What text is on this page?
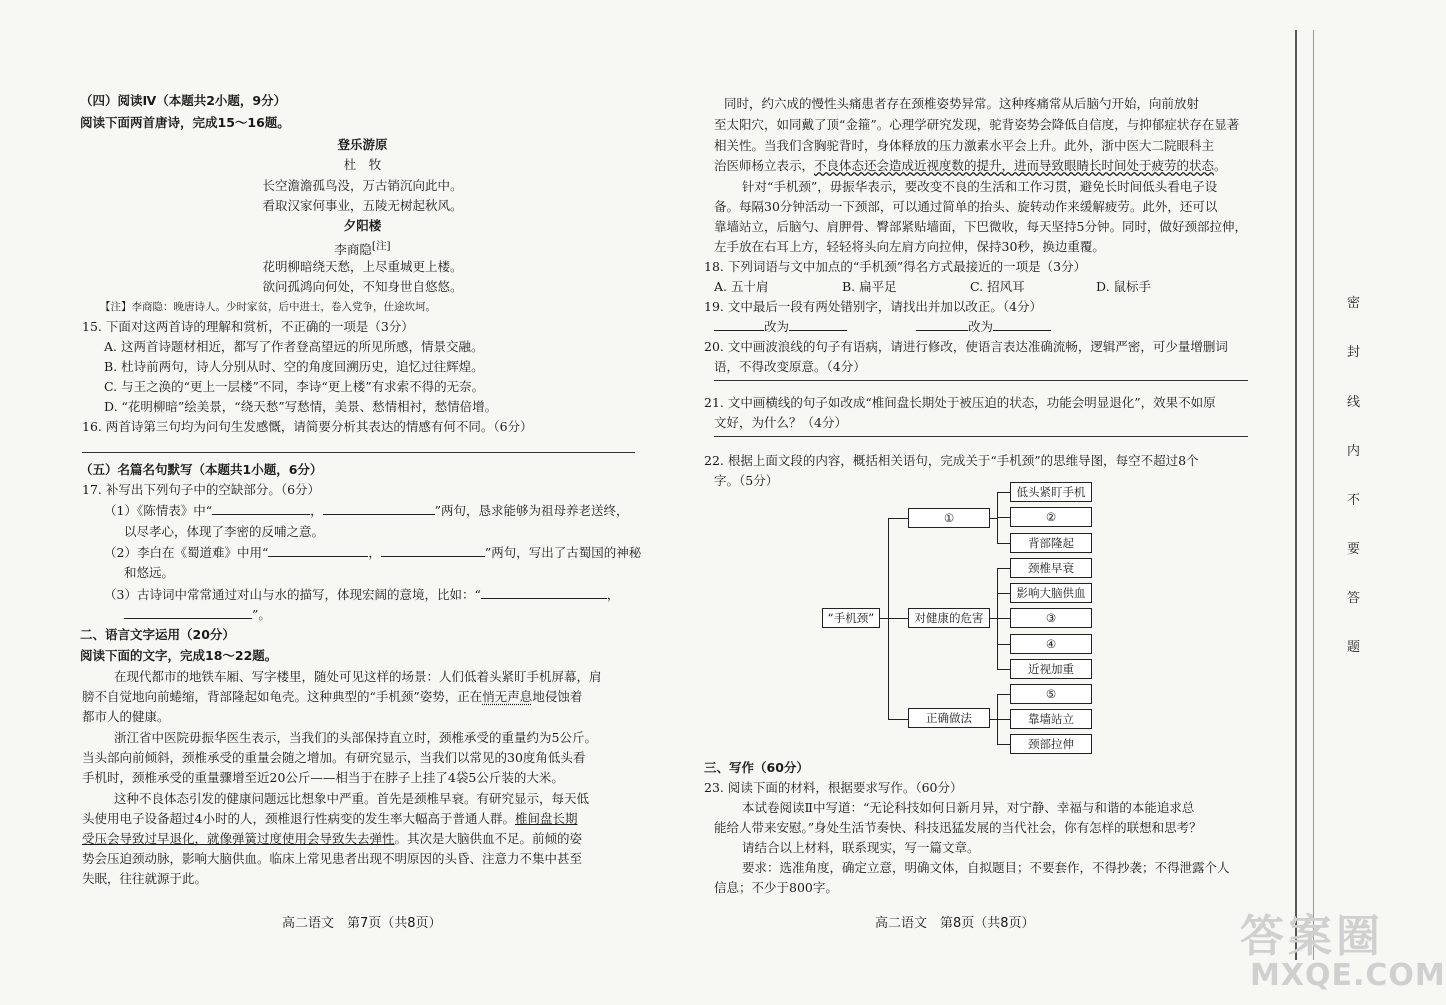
（四）阅读Ⅳ（本题共2小题，9分）
阅读下面两首唐诗，完成15～16题。
登乐游原
杜　牧
长空澹澹孤鸟没，万古销沉向此中。
看取汉家何事业，五陵无树起秋风。
夕阳楼
李商隐[注]
花明柳暗绕天愁，上尽重城更上楼。
欲问孤鸿向何处，不知身世自悠悠。
【注】李商隐：晚唐诗人。少时家贫，后中进士，卷入党争，仕途坎坷。
15. 下面对这两首诗的理解和赏析，不正确的一项是（3分）
A. 这两首诗题材相近，都写了作者登高望远的所见所感，情景交融。
B. 杜诗前两句，诗人分别从时、空的角度回溯历史，追忆过往辉煌。
C. 与王之涣的“更上一层楼”不同，李诗“更上楼”有求索不得的无奈。
D. “花明柳暗”绘美景，“绕天愁”写愁情，美景、愁情相衬，愁情倍增。
16. 两首诗第三句均为问句生发感慨，请简要分析其表达的情感有何不同。（6分）
（五）名篇名句默写（本题共1小题，6分）
17. 补写出下列句子中的空缺部分。（6分）
（1）《陈情表》中“	，	”两句，恳求能够为祖母养老送终，
以尽孝心，体现了李密的反哺之意。
（2）李白在《蜀道难》中用“	，	”两句，写出了古蜀国的神秘
和悠远。
（3）古诗词中常常通过对山与水的描写，体现宏阔的意境，比如：“	，
”。
二、语言文字运用（20分）
阅读下面的文字，完成18～22题。
在现代都市的地铁车厢、写字楼里，随处可见这样的场景：人们低着头紧盯手机屏幕，肩
膀不自觉地向前蜷缩，背部隆起如龟壳。这种典型的“手机颈”姿势，正在悄无声息地侵蚀着
都市人的健康。
浙江省中医院毋振华医生表示，当我们的头部保持直立时，颈椎承受的重量约为5公斤。
当头部向前倾斜，颈椎承受的重量会随之增加。有研究显示，当我们以常见的30度角低头看
手机时，颈椎承受的重量骤增至近20公斤——相当于在脖子上挂了4袋5公斤装的大米。
这种不良体态引发的健康问题远比想象中严重。首先是颈椎早衰。有研究显示，每天低
头使用电子设备超过4小时的人，颈椎退行性病变的发生率大幅高于普通人群。椎间盘长期
受压会导致过早退化，就像弹簧过度使用会导致失去弹性。其次是大脑供血不足。前倾的姿
势会压迫颈动脉，影响大脑供血。临床上常见患者出现不明原因的头昏、注意力不集中甚至
失眠，往往就源于此。
高二语文　第7页（共8页）
同时，约六成的慢性头痛患者存在颈椎姿势异常。这种疼痛常从后脑勺开始，向前放射
至太阳穴，如同戴了顶“金箍”。心理学研究发现，驼背姿势会降低自信度，与抑郁症状存在显著
相关性。当我们含胸驼背时，身体释放的压力激素水平会上升。此外，浙中医大二院眼科主
治医师杨立表示，不良体态还会造成近视度数的提升，进而导致眼睛长时间处于疲劳的状态。
针对“手机颈”，毋振华表示，要改变不良的生活和工作习贯，避免长时间低头看电子设
备。每隔30分钟活动一下颈部，可以通过简单的抬头、旋转动作来缓解疲劳。此外，还可以
靠墙站立，后脑勺、肩胛骨、臀部紧贴墙面，下巴微收，每天坚持5分钟。同时，做好颈部拉伸，
左手放在右耳上方，轻轻将头向左肩方向拉伸，保持30秒，换边重覆。
18. 下列词语与文中加点的“手机颈”得名方式最接近的一项是（3分）
A. 五十肩	B. 扁平足	C. 招风耳	D. 鼠标手
19. 文中最后一段有两处错别字，请找出并加以改正。（4分）
改为	改为
20. 文中画波浪线的句子有语病，请进行修改，使语言表达准确流畅，逻辑严密，可少量增删词
语，不得改变原意。（4分）
21. 文中画横线的句子如改成“椎间盘长期处于被压迫的状态，功能会明显退化”，效果不如原
文好，为什么？（4分）
22. 根据上面文段的内容，概括相关语句，完成关于“手机颈”的思维导图，每空不超过8个
字。（5分）
“手机颈”
①
对健康的危害
正确做法
低头紧盯手机
②
背部隆起
颈椎早衰
影响大脑供血
③
④
近视加重
⑤
靠墙站立
颈部拉伸
三、写作（60分）
23. 阅读下面的材料，根据要求写作。（60分）
本试卷阅读Ⅱ中写道：“无论科技如何日新月异，对宁静、幸福与和谐的本能追求总
能给人带来安慰。”身处生活节奏快、科技迅猛发展的当代社会，你有怎样的联想和思考？
请结合以上材料，联系现实，写一篇文章。
要求：选准角度，确定立意，明确文体，自拟题目；不要套作，不得抄袭；不得泄露个人
信息；不少于800字。
高二语文　第8页（共8页）
密
封
线
内
不
要
答
题
答案圈
MXQE.COM
